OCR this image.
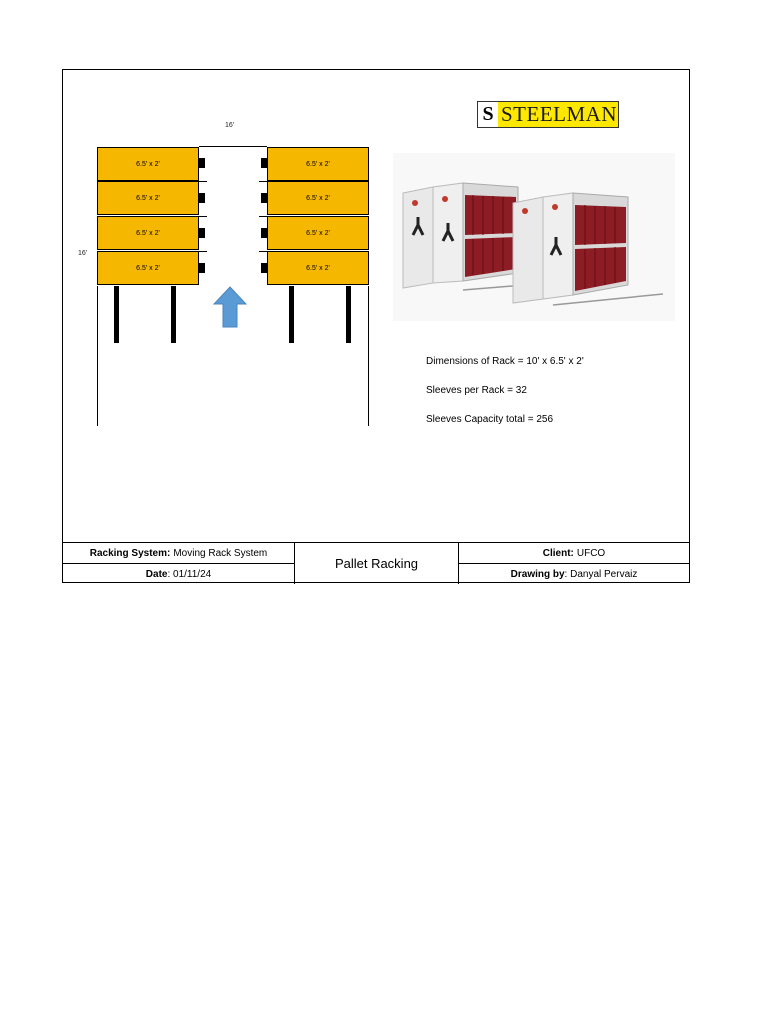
16'
16'
6.5' x 2'
6.5' x 2'
6.5' x 2'
6.5' x 2'
6.5' x 2'
6.5' x 2'
6.5' x 2'
6.5' x 2'
S STEELMAN
Dimensions of Rack = 10' x 6.5' x 2'
Sleeves per Rack = 32
Sleeves Capacity total = 256
Racking System: Moving Rack System
Date : 01/11/24
Pallet Racking
Client: UFCO
Drawing by : Danyal Pervaiz
